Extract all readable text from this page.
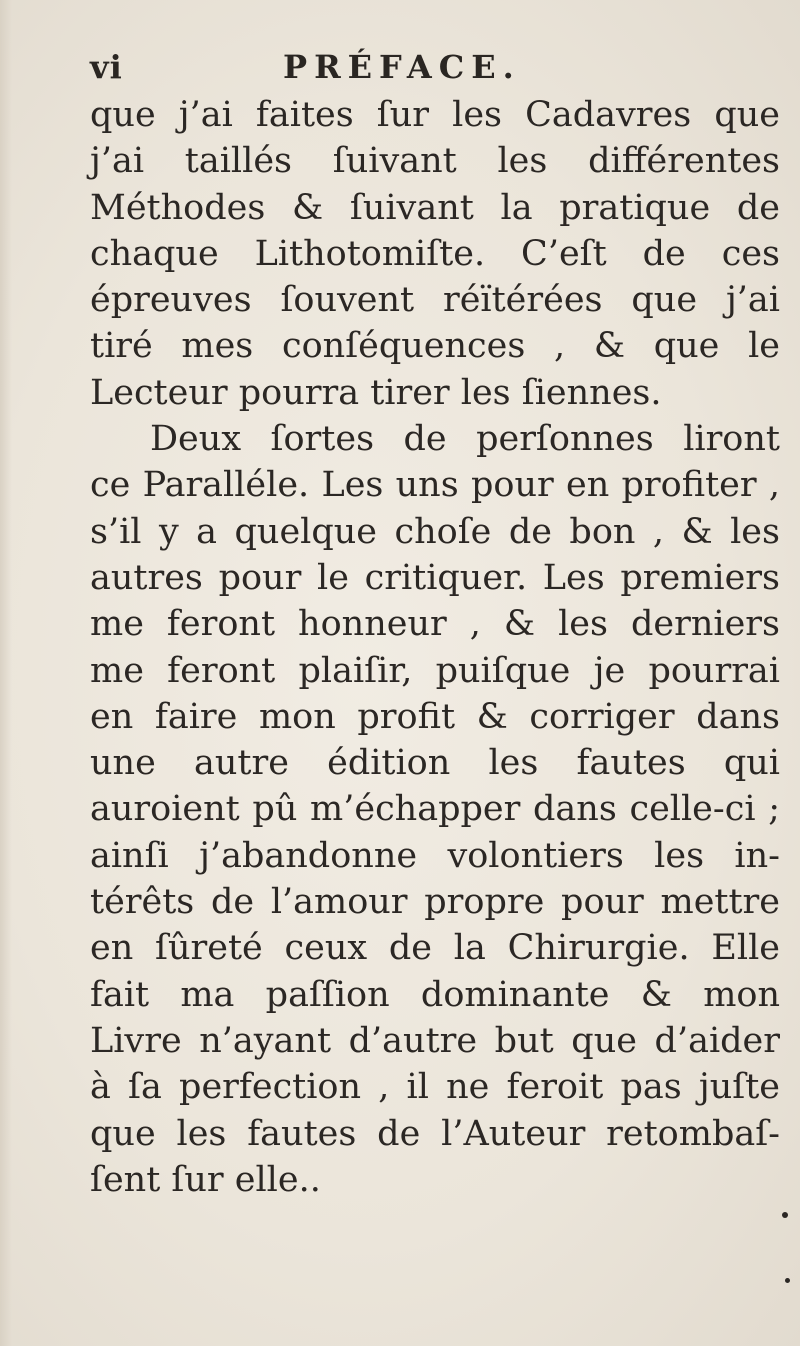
vi	PRÉFACE.
que j’ai faites ſur les Cadavres que
j’ai taillés ſuivant les différentes
Méthodes & ſuivant la pratique de
chaque Lithotomiſte. C’eſt de ces
épreuves ſouvent réïtérées que j’ai
tiré mes conſéquences , & que le
Lecteur pourra tirer les ſiennes.
Deux ſortes de perſonnes liront
ce Paralléle. Les uns pour en profiter ,
s’il y a quelque choſe de bon , & les
autres pour le critiquer. Les premiers
me feront honneur , & les derniers
me feront plaiſir, puiſque je pourrai
en faire mon profit & corriger dans
une autre édition les fautes qui
auroient pû m’échapper dans celle-ci ;
ainſi j’abandonne volontiers les in-
térêts de l’amour propre pour mettre
en ſûreté ceux de la Chirurgie. Elle
fait ma paſſion dominante & mon
Livre n’ayant d’autre but que d’aider
à ſa perfection , il ne feroit pas juſte
que les fautes de l’Auteur retombaſ-
ſent ſur elle..
